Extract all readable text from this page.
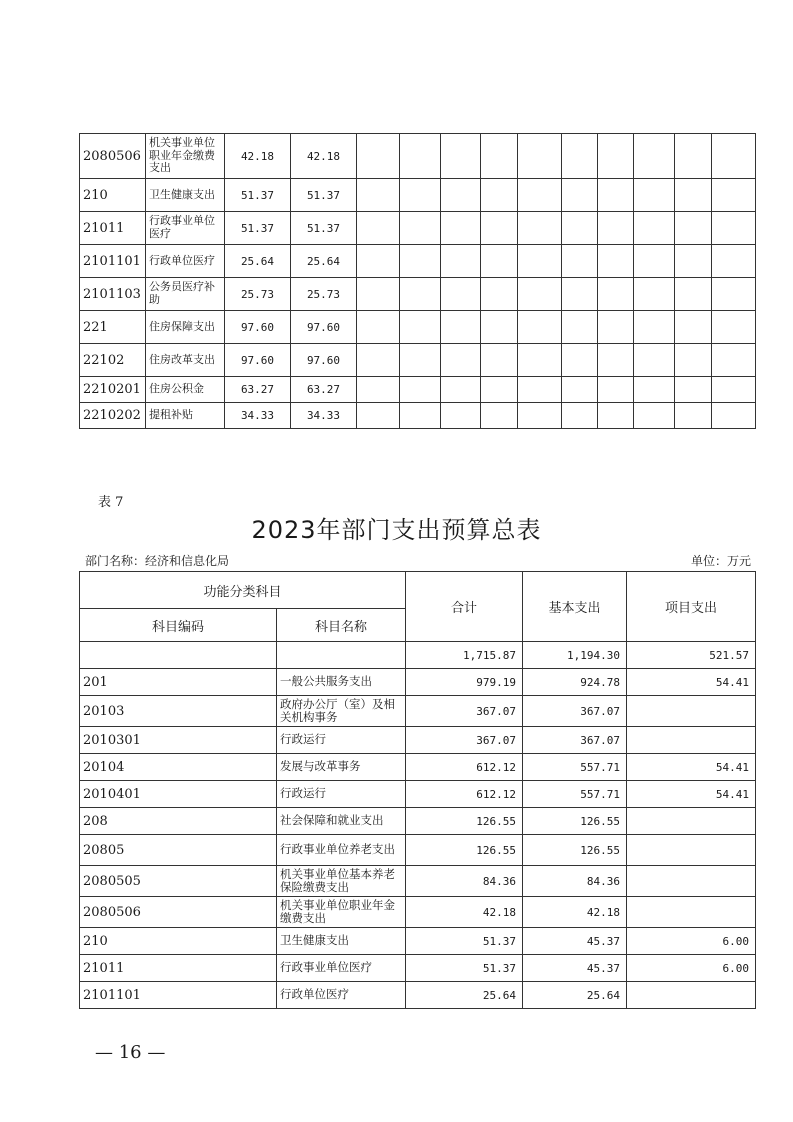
2080506	机关事业单位职业年金缴费支出	42.18	42.18										
210	卫生健康支出	51.37	51.37										
21011	行政事业单位医疗	51.37	51.37										
2101101	行政单位医疗	25.64	25.64										
2101103	公务员医疗补助	25.73	25.73										
221	住房保障支出	97.60	97.60										
22102	住房改革支出	97.60	97.60										
2210201	住房公积金	63.27	63.27										
2210202	提租补贴	34.33	34.33										
表 7
2023年部门支出预算总表
部门名称：经济和信息化局	单位：万元
功能分类科目		合计	基本支出	项目支出
科目编码	科目名称			
		1,715.87	1,194.30	521.57
201	一般公共服务支出	979.19	924.78	54.41
20103	政府办公厅（室）及相关机构事务	367.07	367.07	
2010301	行政运行	367.07	367.07	
20104	发展与改革事务	612.12	557.71	54.41
2010401	行政运行	612.12	557.71	54.41
208	社会保障和就业支出	126.55	126.55	
20805	行政事业单位养老支出	126.55	126.55	
2080505	机关事业单位基本养老保险缴费支出	84.36	84.36	
2080506	机关事业单位职业年金缴费支出	42.18	42.18	
210	卫生健康支出	51.37	45.37	6.00
21011	行政事业单位医疗	51.37	45.37	6.00
2101101	行政单位医疗	25.64	25.64	
— 16 —
